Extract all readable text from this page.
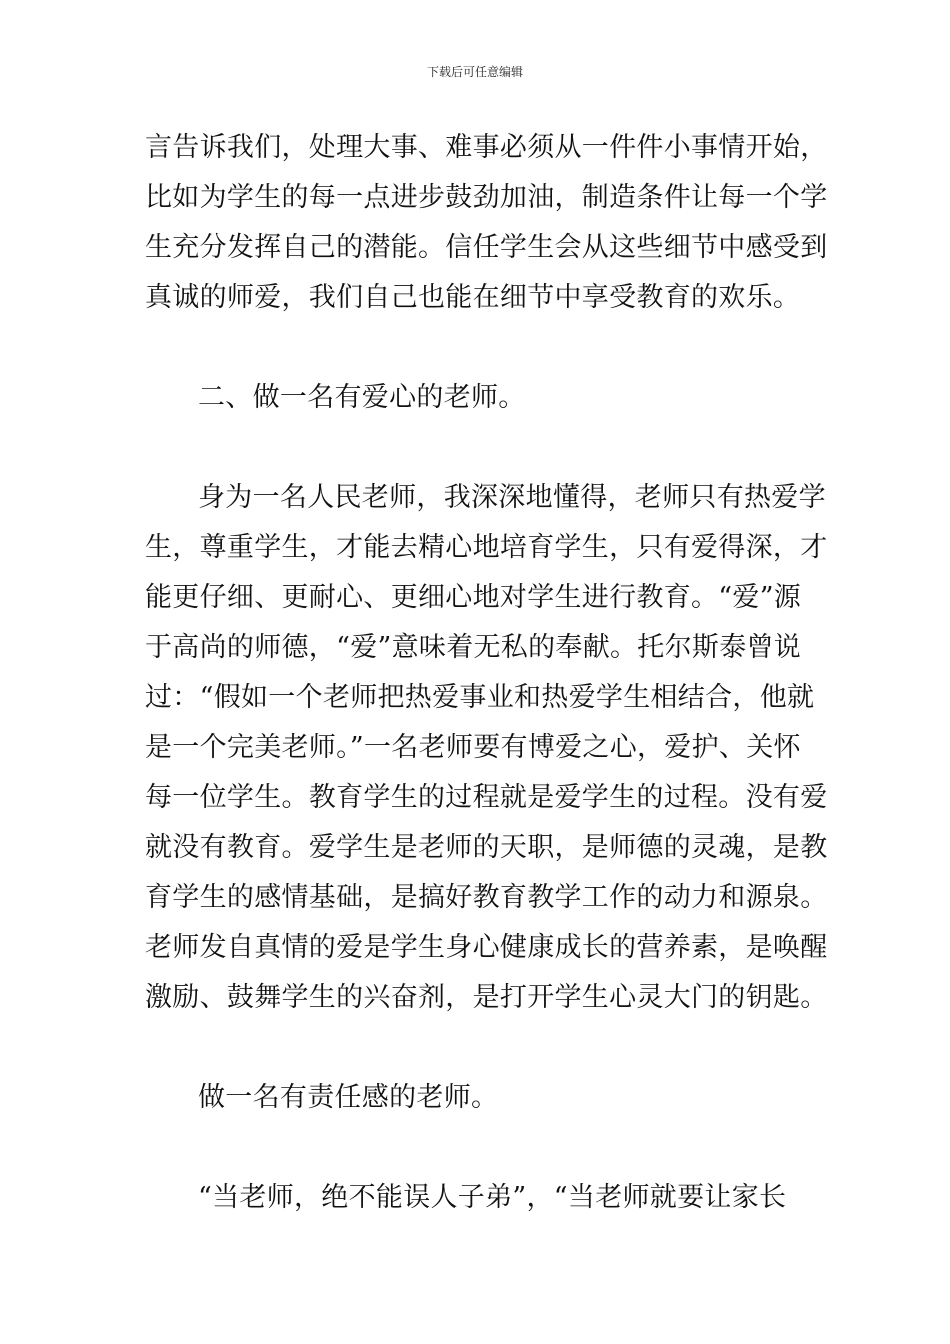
下载后可任意编辑
言告诉我们，处理大事、难事必须从一件件小事情开始，
比如为学生的每一点进步鼓劲加油，制造条件让每一个学
生充分发挥自己的潜能。信任学生会从这些细节中感受到
真诚的师爱，我们自己也能在细节中享受教育的欢乐。
二、做一名有爱心的老师。
身为一名人民老师，我深深地懂得，老师只有热爱学
生，尊重学生，才能去精心地培育学生，只有爱得深，才
能更仔细、更耐心、更细心地对学生进行教育。“爱”源
于高尚的师德，“爱”意味着无私的奉献。托尔斯泰曾说
过：“假如一个老师把热爱事业和热爱学生相结合，他就
是一个完美老师。”一名老师要有博爱之心，爱护、关怀
每一位学生。教育学生的过程就是爱学生的过程。没有爱
就没有教育。爱学生是老师的天职，是师德的灵魂，是教
育学生的感情基础，是搞好教育教学工作的动力和源泉。
老师发自真情的爱是学生身心健康成长的营养素，是唤醒
激励、鼓舞学生的兴奋剂，是打开学生心灵大门的钥匙。
做一名有责任感的老师。
“当老师，绝不能误人子弟”，“当老师就要让家长
